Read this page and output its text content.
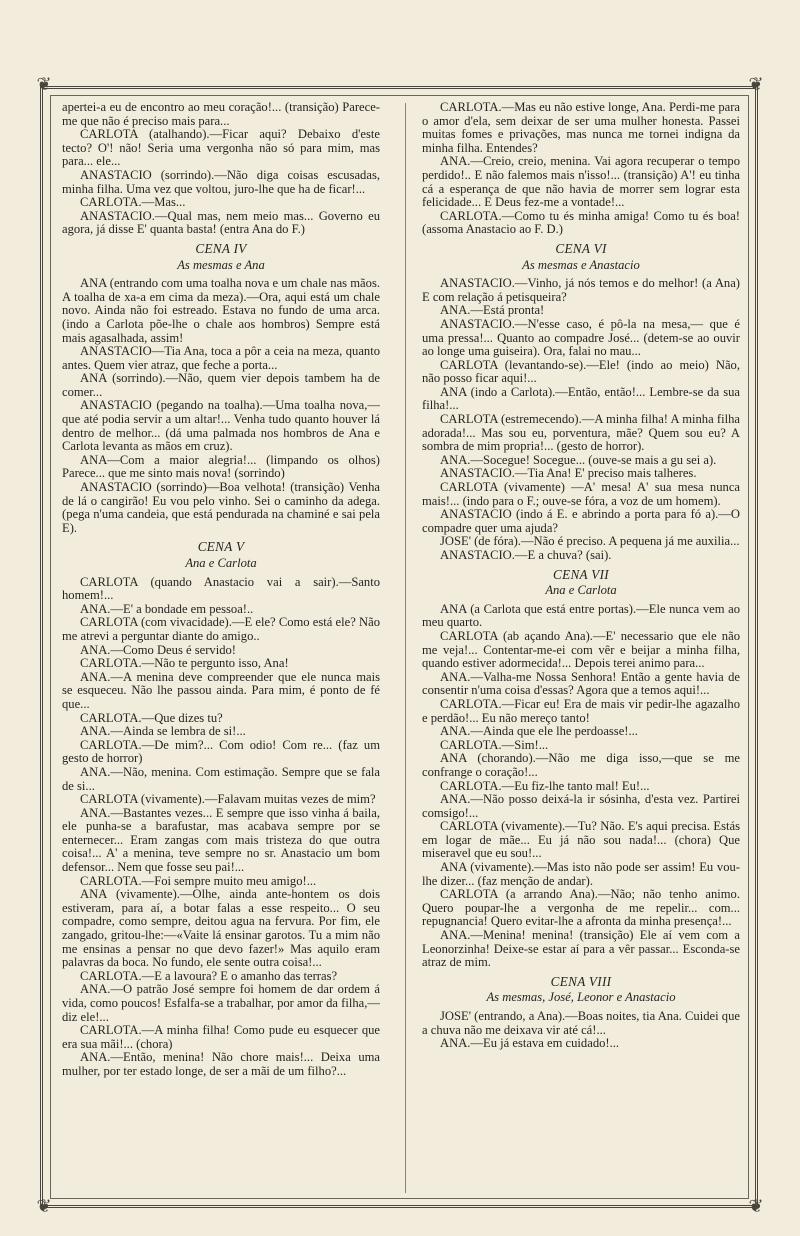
❦	❦
❦	❦

apertei-a eu de encontro ao meu coração!... (transição) Parece-me que não é preciso mais para...

CARLOTA (atalhando).—Ficar aqui? Debaixo d'este tecto? O'! não! Seria uma vergonha não só para mim, mas para... ele...

ANASTACIO (sorrindo).—Não diga coisas escusadas, minha filha. Uma vez que voltou, juro-lhe que ha de ficar!...

CARLOTA.—Mas...

ANASTACIO.—Qual mas, nem meio mas... Governo eu agora, já disse E' quanta basta! (entra Ana do F.)

CENA IV

As mesmas e Ana

ANA (entrando com uma toalha nova e um chale nas mãos. A toalha de xa-a em cima da meza).—Ora, aqui está um chale novo. Ainda não foi estreado. Estava no fundo de uma arca. (indo a Carlota põe-lhe o chale aos hombros) Sempre está mais agasalhada, assim!

ANASTACIO—Tia Ana, toca a pôr a ceia na meza, quanto antes. Quem vier atraz, que feche a porta...

ANA (sorrindo).—Não, quem vier depois tambem ha de comer...

ANASTACIO (pegando na toalha).—Uma toalha nova,—que até podia servir a um altar!... Venha tudo quanto houver lá dentro de melhor... (dá uma palmada nos hombros de Ana e Carlota levanta as mãos em cruz).

ANA—Com a maior alegria!... (limpando os olhos) Parece... que me sinto mais nova! (sorrindo)

ANASTACIO (sorrindo)—Boa velhota! (transição) Venha de lá o cangirão! Eu vou pelo vinho. Sei o caminho da adega. (pega n'uma candeia, que está pendurada na chaminé e sai pela E).

CENA V

Ana e Carlota

CARLOTA (quando Anastacio vai a sair).—Santo homem!...

ANA.—E' a bondade em pessoa!..

CARLOTA (com vivacidade).—E ele? Como está ele? Não me atrevi a perguntar diante do amigo..

ANA.—Como Deus é servido!

CARLOTA.—Não te pergunto isso, Ana!

ANA.—A menina deve compreender que ele nunca mais se esqueceu. Não lhe passou ainda. Para mim, é ponto de fé que...

CARLOTA.—Que dizes tu?

ANA.—Ainda se lembra de si!...

CARLOTA.—De mim?... Com odio! Com re... (faz um gesto de horror)

ANA.—Não, menina. Com estimação. Sempre que se fala de si...

CARLOTA (vivamente).—Falavam muitas vezes de mim?

ANA.—Bastantes vezes... E sempre que isso vinha á baila, ele punha-se a barafustar, mas acabava sempre por se enternecer... Eram zangas com mais tristeza do que outra coisa!... A' a menina, teve sempre no sr. Anastacio um bom defensor... Nem que fosse seu pai!...

CARLOTA.—Foi sempre muito meu amigo!...

ANA (vivamente).—Olhe, ainda ante-hontem os dois estiveram, para aí, a botar falas a esse respeito... O seu compadre, como sempre, deitou agua na fervura. Por fim, ele zangado, gritou-lhe:—«Vaite lá ensinar garotos. Tu a mim não me ensinas a pensar no que devo fazer!» Mas aquilo eram palavras da boca. No fundo, ele sente outra coisa!...

CARLOTA.—E a lavoura? E o amanho das terras?

ANA.—O patrão José sempre foi homem de dar ordem á vida, como poucos! Esfalfa-se a trabalhar, por amor da filha,—diz ele!...

CARLOTA.—A minha filha! Como pude eu esquecer que era sua mãi!... (chora)

ANA.—Então, menina! Não chore mais!... Deixa uma mulher, por ter estado longe, de ser a mãi de um filho?...

CARLOTA.—Mas eu não estive longe, Ana. Perdi-me para o amor d'ela, sem deixar de ser uma mulher honesta. Passei muitas fomes e privações, mas nunca me tornei indigna da minha filha. Entendes?

ANA.—Creio, creio, menina. Vai agora recuperar o tempo perdido!.. E não falemos mais n'isso!... (transição) A'! eu tinha cá a esperança de que não havia de morrer sem lograr esta felicidade... E Deus fez-me a vontade!...

CARLOTA.—Como tu és minha amiga! Como tu és boa! (assoma Anastacio ao F. D.)

CENA VI

As mesmas e Anastacio

ANASTACIO.—Vinho, já nós temos e do melhor! (a Ana) E com relação á petisqueira?

ANA.—Está pronta!

ANASTACIO.—N'esse caso, é pô-la na mesa,— que é uma pressa!... Quanto ao compadre José... (detem-se ao ouvir ao longe uma guiseira). Ora, falai no mau...

CARLOTA (levantando-se).—Ele! (indo ao meio) Não, não posso ficar aqui!...

ANA (indo a Carlota).—Então, então!... Lembre-se da sua filha!...

CARLOTA (estremecendo).—A minha filha! A minha filha adorada!... Mas sou eu, porventura, mãe? Quem sou eu? A sombra de mim propria!... (gesto de horror).

ANA.—Socegue! Socegue... (ouve-se mais a gu sei a).

ANASTACIO.—Tia Ana! E' preciso mais talheres.

CARLOTA (vivamente) —A' mesa! A' sua mesa nunca mais!... (indo para o F.; ouve-se fóra, a voz de um homem).

ANASTACIO (indo á E. e abrindo a porta para fó a).—O compadre quer uma ajuda?

JOSE' (de fóra).—Não é preciso. A pequena já me auxilia...

ANASTACIO.—E a chuva? (sai).

CENA VII

Ana e Carlota

ANA (a Carlota que está entre portas).—Ele nunca vem ao meu quarto.

CARLOTA (ab açando Ana).—E' necessario que ele não me veja!... Contentar-me-ei com vêr e beijar a minha filha, quando estiver adormecida!... Depois terei animo para...

ANA.—Valha-me Nossa Senhora! Então a gente havia de consentir n'uma coisa d'essas? Agora que a temos aqui!...

CARLOTA.—Ficar eu! Era de mais vir pedir-lhe agazalho e perdão!... Eu não mereço tanto!

ANA.—Ainda que ele lhe perdoasse!...

CARLOTA.—Sim!...

ANA (chorando).—Não me diga isso,—que se me confrange o coração!...

CARLOTA.—Eu fiz-lhe tanto mal! Eu!...

ANA.—Não posso deixá-la ir sósinha, d'esta vez. Partirei comsigo!...

CARLOTA (vivamente).—Tu? Não. E's aqui precisa. Estás em logar de mãe... Eu já não sou nada!... (chora) Que miseravel que eu sou!...

ANA (vivamente).—Mas isto não pode ser assim! Eu vou-lhe dizer... (faz menção de andar).

CARLOTA (a arrando Ana).—Não; não tenho animo. Quero poupar-lhe a vergonha de me repelir... com... repugnancia! Quero evitar-lhe a afronta da minha presença!...

ANA.—Menina! menina! (transição) Ele aí vem com a Leonorzinha! Deixe-se estar aí para a vêr passar... Esconda-se atraz de mim.

CENA VIII

As mesmas, José, Leonor e Anastacio

JOSE' (entrando, a Ana).—Boas noites, tia Ana. Cuidei que a chuva não me deixava vir até cá!...

ANA.—Eu já estava em cuidado!...
